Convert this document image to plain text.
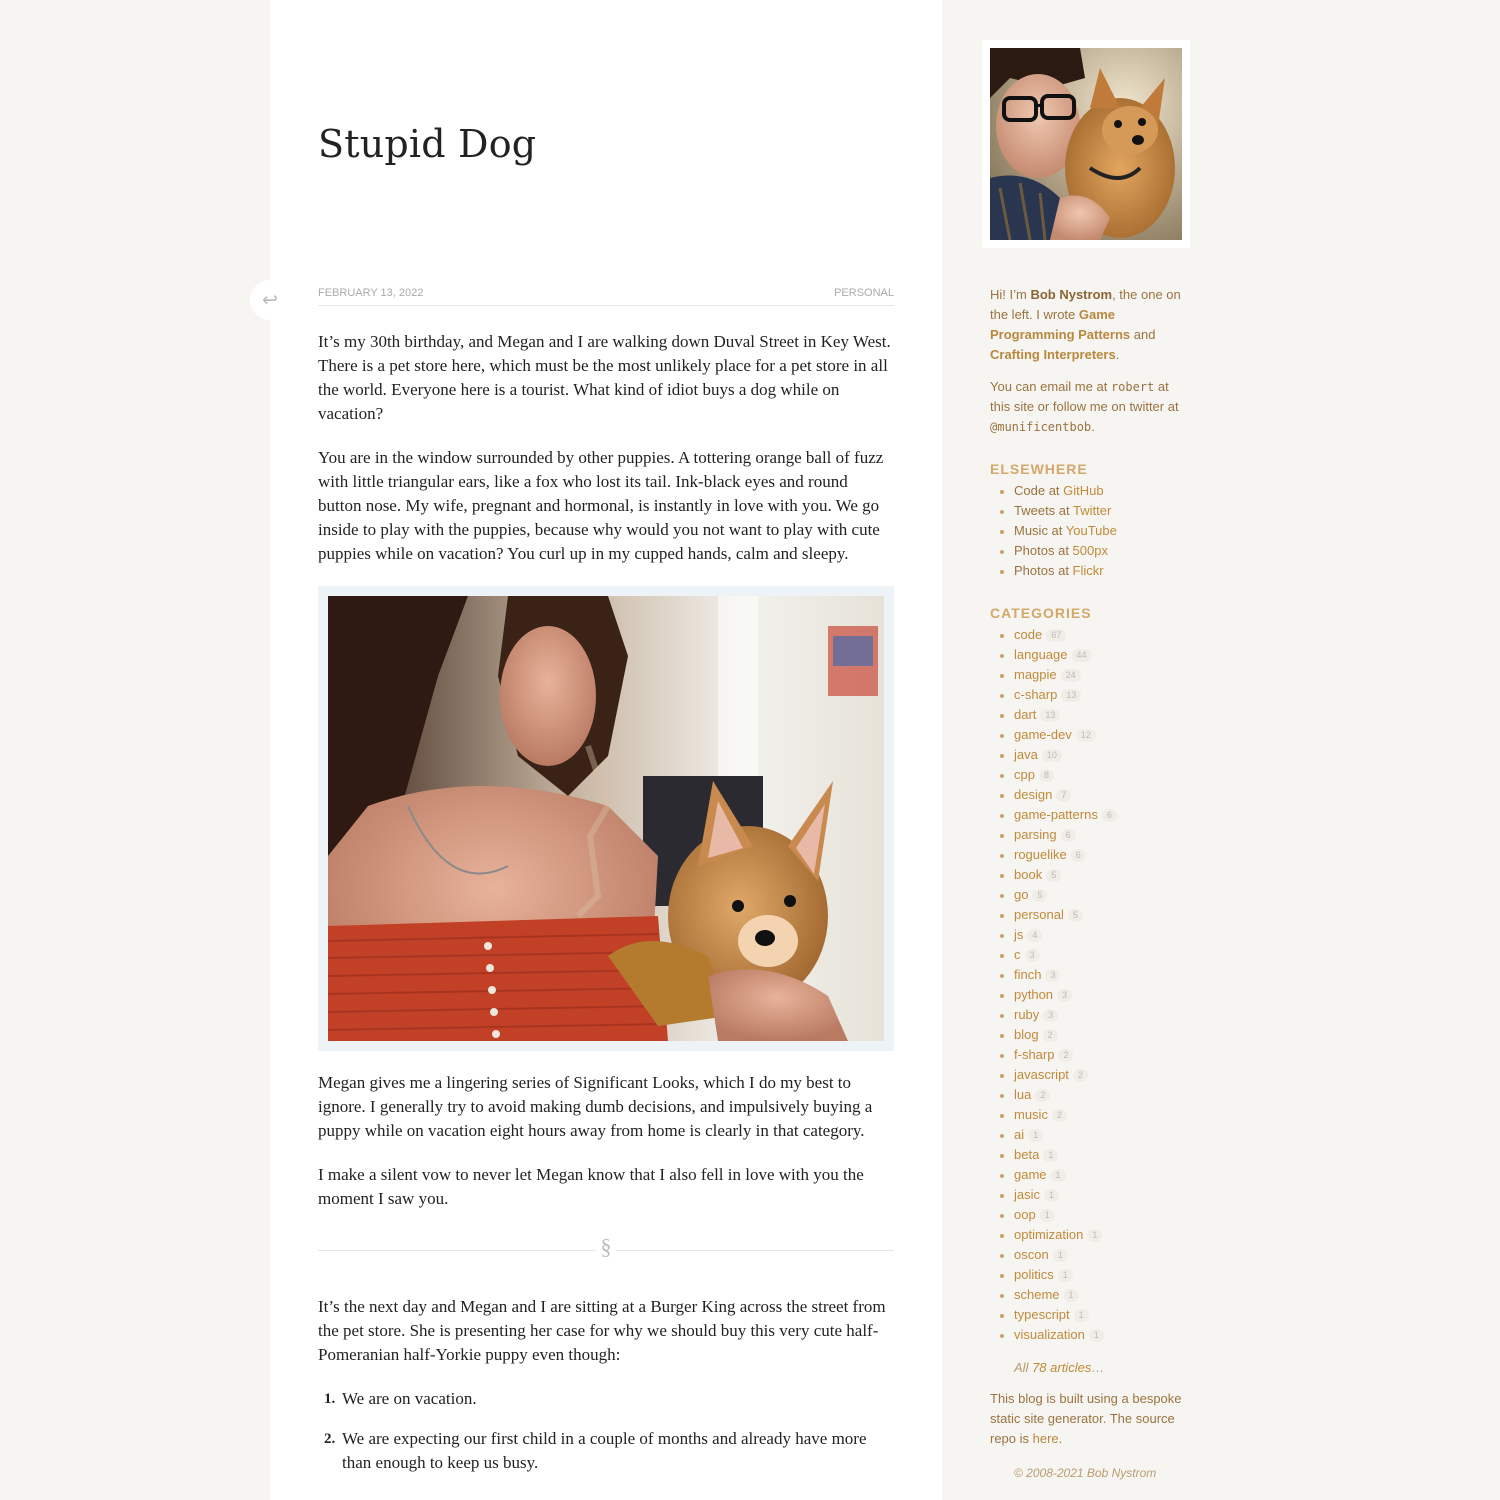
↩
Stupid Dog
FEBRUARY 13, 2022	PERSONAL

It’s my 30th birthday, and Megan and I are walking down Duval Street in Key West. There is a pet store here, which must be the most unlikely place for a pet store in all the world. Everyone here is a tourist. What kind of idiot buys a dog while on vacation?

You are in the window surrounded by other puppies. A tottering orange ball of fuzz with little triangular ears, like a fox who lost its tail. Ink-black eyes and round button nose. My wife, pregnant and hormonal, is instantly in love with you. We go inside to play with the puppies, because why would you not want to play with cute puppies while on vacation? You curl up in my cupped hands, calm and sleepy.

Megan gives me a lingering series of Significant Looks, which I do my best to ignore. I generally try to avoid making dumb decisions, and impulsively buying a puppy while on vacation eight hours away from home is clearly in that category.

I make a silent vow to never let Megan know that I also fell in love with you the moment I saw you.

§

It’s the next day and Megan and I are sitting at a Burger King across the street from the pet store. She is presenting her case for why we should buy this very cute half-Pomeranian half-Yorkie puppy even though:

1. We are on vacation.
2. We are expecting our first child in a couple of months and already have more than enough to keep us busy.
Hi! I’m Bob Nystrom, the one on the left. I wrote Game Programming Patterns and Crafting Interpreters.
You can email me at robert at this site or follow me on twitter at @munificentbob.
ELSEWHERE
Code at GitHub
Tweets at Twitter
Music at YouTube
Photos at 500px
Photos at Flickr
CATEGORIES
code 67
language 44
magpie 24
c-sharp 13
dart 13
game-dev 12
java 10
cpp 8
design 7
game-patterns 6
parsing 6
roguelike 6
book 5
go 5
personal 5
js 4
c 3
finch 3
python 3
ruby 3
blog 2
f-sharp 2
javascript 2
lua 2
music 2
ai 1
beta 1
game 1
jasic 1
oop 1
optimization 1
oscon 1
politics 1
scheme 1
typescript 1
visualization 1
All 78 articles…
This blog is built using a bespoke static site generator. The source repo is here.
© 2008-2021 Bob Nystrom
